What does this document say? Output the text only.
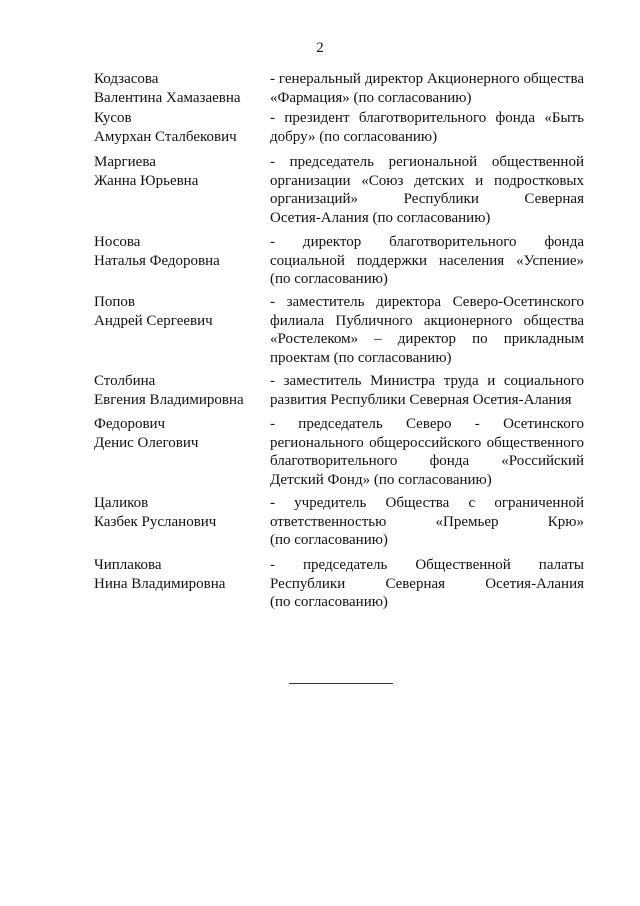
2
Кодзасова
Валентина Хамазаевна
- генеральный директор Акционерного общества
«Фармация» (по согласованию)
Кусов
Амурхан Сталбекович
- президент благотворительного фонда «Быть
добру» (по согласованию)
Маргиева
Жанна Юрьевна
- председатель региональной общественной
организации «Союз детских и подростковых
организаций» Республики Северная
Осетия-Алания (по согласованию)
Носова
Наталья Федоровна
- директор благотворительного фонда
социальной поддержки населения «Успение»
(по согласованию)
Попов
Андрей Сергеевич
- заместитель директора Северо-Осетинского
филиала Публичного акционерного общества
«Ростелеком» – директор по прикладным
проектам (по согласованию)
Столбина
Евгения Владимировна
- заместитель Министра труда и социального
развития Республики Северная Осетия-Алания
Федорович
Денис Олегович
- председатель Северо - Осетинского
регионального общероссийского общественного
благотворительного фонда «Российский
Детский Фонд» (по согласованию)
Цаликов
Казбек Русланович
- учредитель Общества с ограниченной
ответственностью «Премьер Крю»
(по согласованию)
Чиплакова
Нина Владимировна
- председатель Общественной палаты
Республики Северная Осетия-Алания
(по согласованию)
